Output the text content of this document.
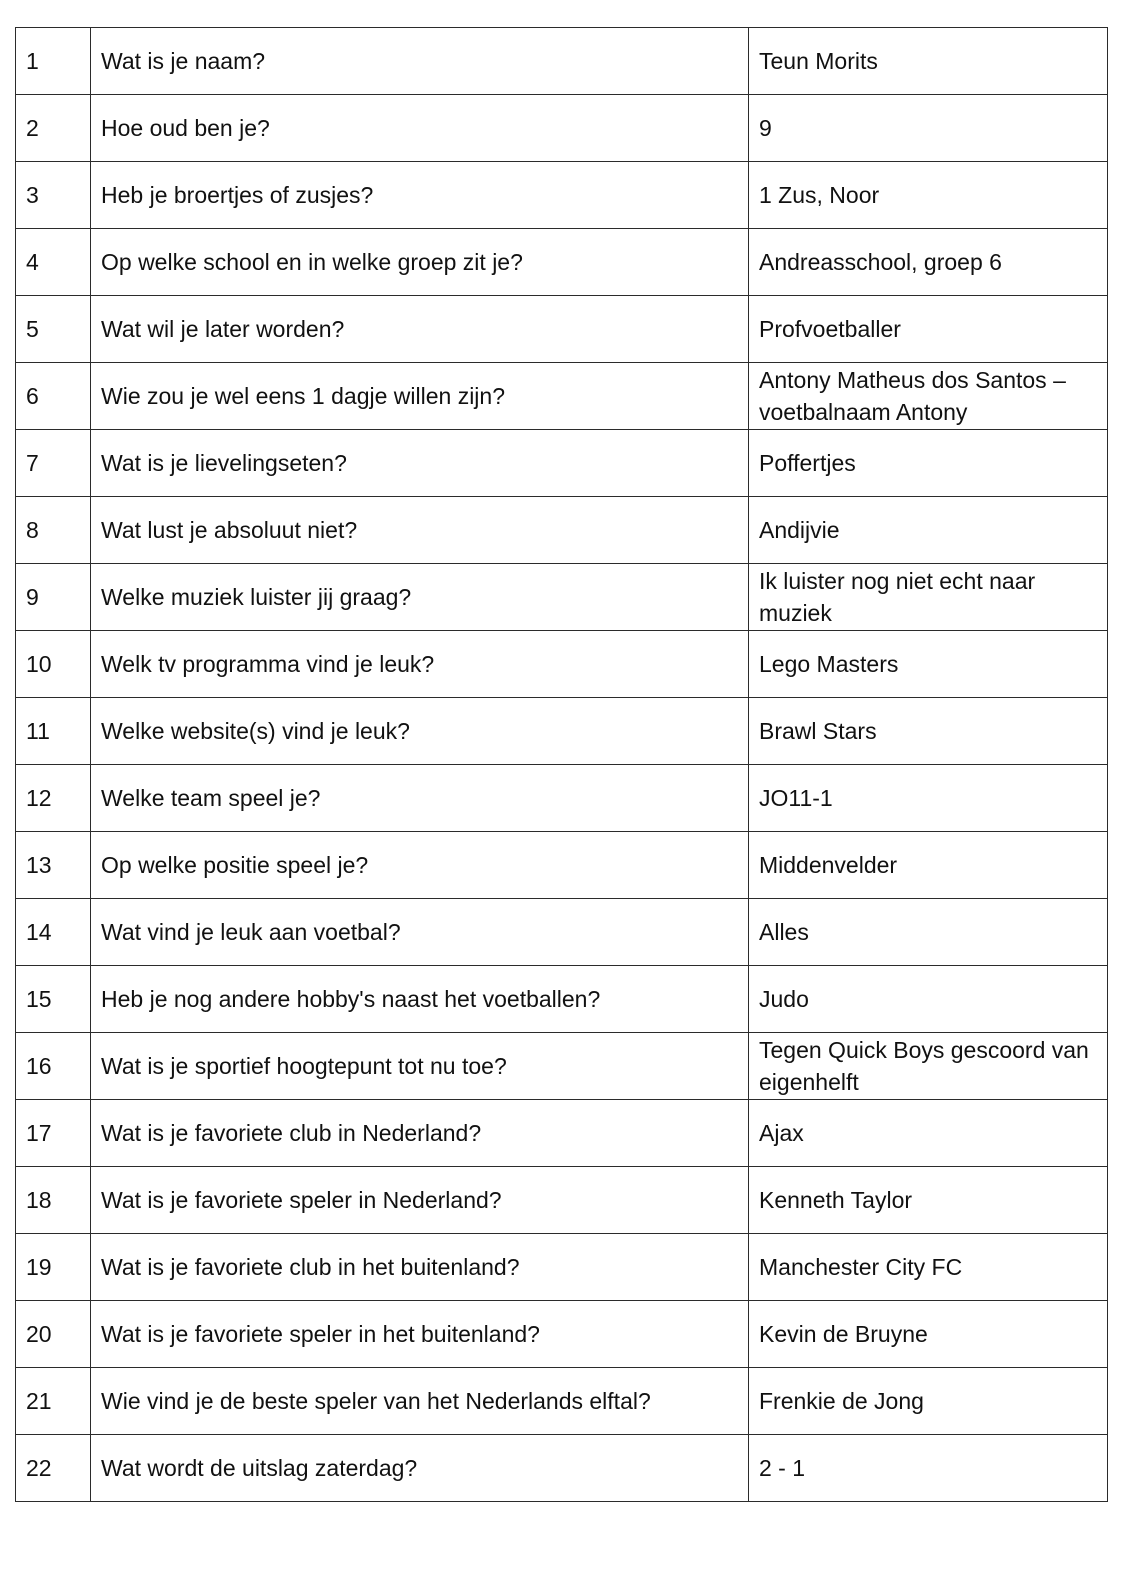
1	Wat is je naam?	Teun Morits
2	Hoe oud ben je?	9
3	Heb je broertjes of zusjes?	1 Zus, Noor
4	Op welke school en in welke groep zit je?	Andreasschool, groep 6
5	Wat wil je later worden?	Profvoetballer
6	Wie zou je wel eens 1 dagje willen zijn?	Antony Matheus dos Santos – voetbalnaam Antony
7	Wat is je lievelingseten?	Poffertjes
8	Wat lust je absoluut niet?	Andijvie
9	Welke muziek luister jij graag?	Ik luister nog niet echt naar muziek
10	Welk tv programma vind je leuk?	Lego Masters
11	Welke website(s) vind je leuk?	Brawl Stars
12	Welke team speel je?	JO11-1
13	Op welke positie speel je?	Middenvelder
14	Wat vind je leuk aan voetbal?	Alles
15	Heb je nog andere hobby's naast het voetballen?	Judo
16	Wat is je sportief hoogtepunt tot nu toe?	Tegen Quick Boys gescoord van eigenhelft
17	Wat is je favoriete club in Nederland?	Ajax
18	Wat is je favoriete speler in Nederland?	Kenneth Taylor
19	Wat is je favoriete club in het buitenland?	Manchester City FC
20	Wat is je favoriete speler in het buitenland?	Kevin de Bruyne
21	Wie vind je de beste speler van het Nederlands elftal?	Frenkie de Jong
22	Wat wordt de uitslag zaterdag?	2 - 1
